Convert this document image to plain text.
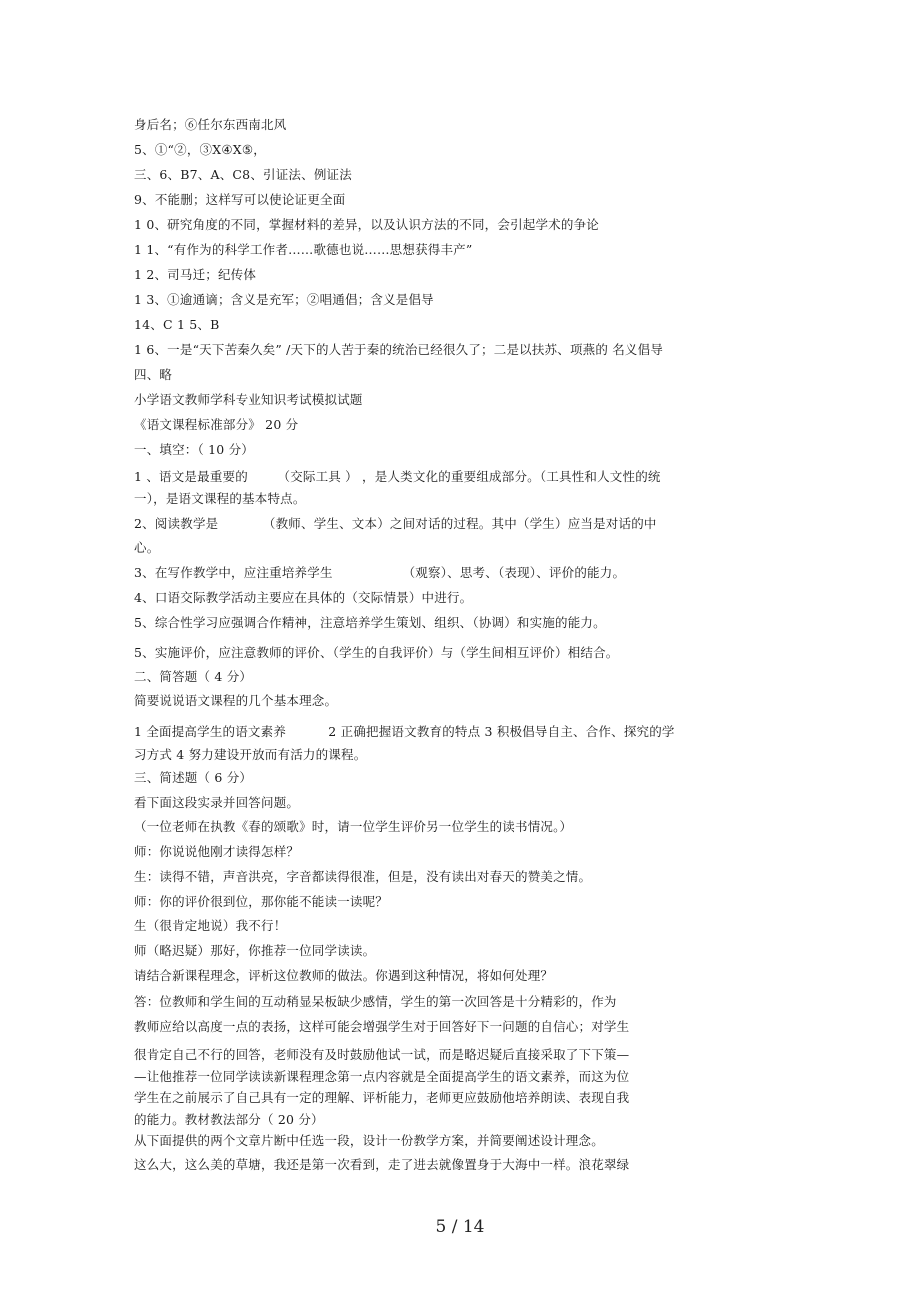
身后名；⑥任尔东西南北风
5、①“②，③X④X⑤，
三、6、B7、A、C8、引证法、例证法
9、不能删；这样写可以使论证更全面
1 0、研究角度的不同，掌握材料的差异，以及认识方法的不同，会引起学术的争论
1 1、“有作为的科学工作者……歌德也说……思想获得丰产”
1 2、司马迁；纪传体
1 3、①逾通谪；含义是充军；②唱通倡；含义是倡导
14、C 1 5、B
1 6、一是“天下苦秦久矣” /天下的人苦于秦的统治已经很久了；二是以扶苏、项燕的 名义倡导
四、略
小学语文教师学科专业知识考试模拟试题
《语文课程标准部分》 20 分
一、填空：（ 10 分）
1 、语文是最重要的　　 （交际工具 ） ，是人类文化的重要组成部分。（工具性和人文性的统
一），是语文课程的基本特点。
2、阅读教学是　　　　（教师、学生、文本）之间对话的过程。其中（学生）应当是对话的中
心。
3、在写作教学中，应注重培养学生　　　　　　（观察）、思考、（表现）、评价的能力。
4、口语交际教学活动主要应在具体的（交际情景）中进行。
5、综合性学习应强调合作精神，注意培养学生策划、组织、（协调）和实施的能力。
5、实施评价，应注意教师的评价、（学生的自我评价）与（学生间相互评价）相结合。
二、简答题（ 4 分）
简要说说语文课程的几个基本理念。
1 全面提高学生的语文素养　　　 2 正确把握语文教育的特点 3 积极倡导自主、合作、探究的学
习方式 4 努力建设开放而有活力的课程。
三、简述题（ 6 分）
看下面这段实录并回答问题。
（一位老师在执教《春的颂歌》时，请一位学生评价另一位学生的读书情况。）
师：你说说他刚才读得怎样？
生：读得不错，声音洪亮，字音都读得很准，但是，没有读出对春天的赞美之情。
师：你的评价很到位，那你能不能读一读呢？
生（很肯定地说）我不行！
师（略迟疑）那好，你推荐一位同学读读。
请结合新课程理念，评析这位教师的做法。你遇到这种情况，将如何处理？
答：位教师和学生间的互动稍显呆板缺少感情，学生的第一次回答是十分精彩的，作为
教师应给以高度一点的表扬，这样可能会增强学生对于回答好下一问题的自信心；对学生
很肯定自己不行的回答，老师没有及时鼓励他试一试，而是略迟疑后直接采取了下下策—
—让他推荐一位同学读读新课程理念第一点内容就是全面提高学生的语文素养，而这为位
学生在之前展示了自己具有一定的理解、评析能力，老师更应鼓励他培养朗读、表现自我
的能力。教材教法部分（ 20 分）
从下面提供的两个文章片断中任选一段，设计一份教学方案，并简要阐述设计理念。
这么大，这么美的草塘，我还是第一次看到，走了进去就像置身于大海中一样。浪花翠绿
5 / 14
